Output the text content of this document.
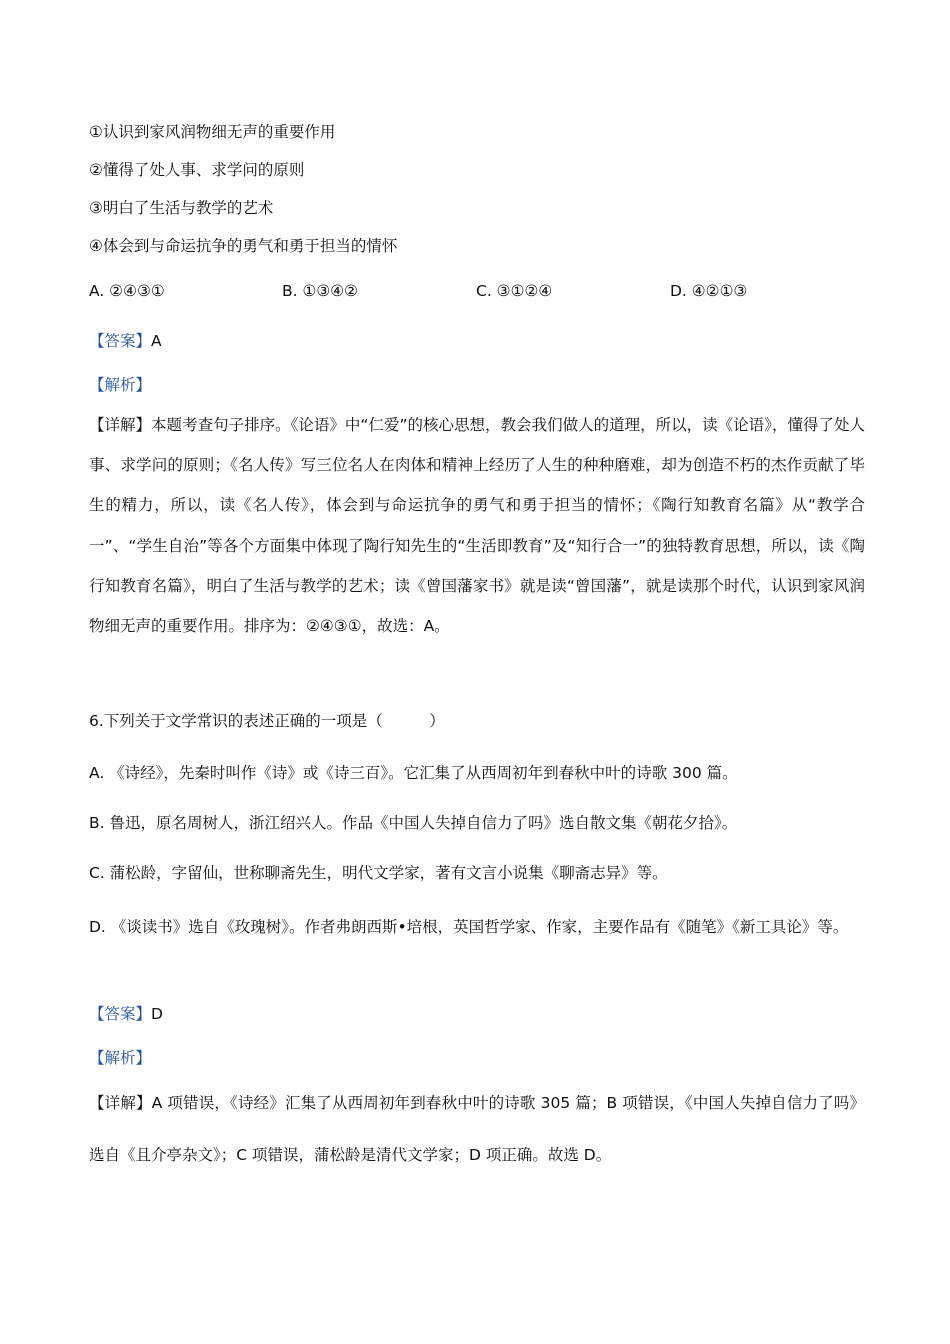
①认识到家风润物细无声的重要作用
②懂得了处人事、求学问的原则
③明白了生活与教学的艺术
④体会到与命运抗争的勇气和勇于担当的情怀
A. ②④③①	B. ①③④②	C. ③①②④	D. ④②①③
【答案】A
【解析】
【详解】本题考查句子排序。《论语》中“仁爱”的核心思想，教会我们做人的道理，所以，读《论语》，懂得了处人事、求学问的原则；《名人传》写三位名人在肉体和精神上经历了人生的种种磨难，却为创造不朽的杰作贡献了毕生的精力，所以，读《名人传》，体会到与命运抗争的勇气和勇于担当的情怀；《陶行知教育名篇》从“教学合一”、“学生自治”等各个方面集中体现了陶行知先生的“生活即教育”及“知行合一”的独特教育思想，所以，读《陶行知教育名篇》，明白了生活与教学的艺术；读《曾国藩家书》就是读“曾国藩”，就是读那个时代，认识到家风润物细无声的重要作用。排序为：②④③①，故选：A。
6.下列关于文学常识的表述正确的一项是（　　　）
A. 《诗经》，先秦时叫作《诗》或《诗三百》。它汇集了从西周初年到春秋中叶的诗歌 300 篇。
B. 鲁迅，原名周树人，浙江绍兴人。作品《中国人失掉自信力了吗》选自散文集《朝花夕拾》。
C. 蒲松龄，字留仙，世称聊斋先生，明代文学家，著有文言小说集《聊斋志异》等。
D. 《谈读书》选自《玫瑰树》。作者弗朗西斯•培根，英国哲学家、作家，主要作品有《随笔》《新工具论》等。
【答案】D
【解析】
【详解】A 项错误，《诗经》汇集了从西周初年到春秋中叶的诗歌 305 篇；B 项错误，《中国人失掉自信力了吗》选自《且介亭杂文》；C 项错误，蒲松龄是清代文学家；D 项正确。故选 D。
